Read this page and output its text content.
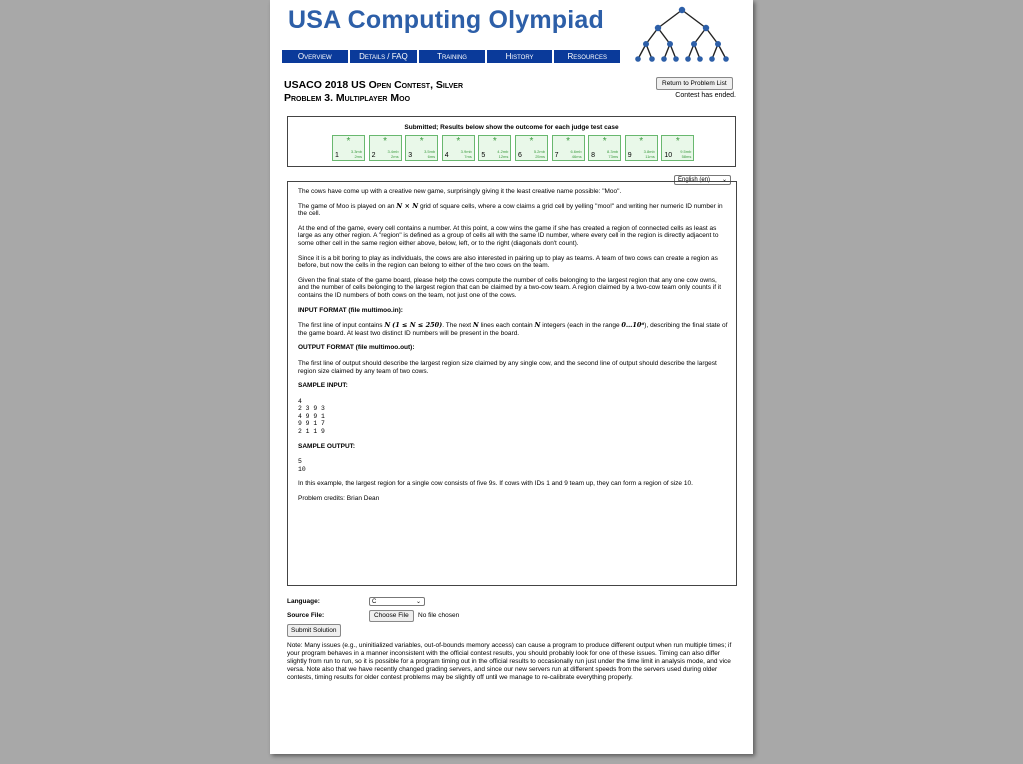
USA Computing Olympiad
Overview	Details / FAQ	Training	History	Resources
USACO 2018 US Open Contest, Silver
Problem 3. Multiplayer Moo
Return to Problem List
Contest has ended.
Submitted; Results below show the outcome for each judge test case
*
1
3.3mb
2ms
*
2
3.4mb
2ms
*
3
3.5mb
6ms
*
4
3.9mb
7ms
*
5
4.2mb
12ms
*
6
5.2mb
25ms
*
7
6.6mb
46ms
*
8
8.3mb
73ms
*
9
3.8mb
11ms
*
10
9.5mb
58ms
English (en) ⌄

The cows have come up with a creative new game, surprisingly giving it the least creative name possible: "Moo".

The game of Moo is played on an N × N grid of square cells, where a cow claims a grid cell by yelling "moo!" and writing her numeric ID number in the cell.

At the end of the game, every cell contains a number. At this point, a cow wins the game if she has created a region of connected cells as least as large as any other region. A "region" is defined as a group of cells all with the same ID number, where every cell in the region is directly adjacent to some other cell in the same region either above, below, left, or to the right (diagonals don't count).

Since it is a bit boring to play as individuals, the cows are also interested in pairing up to play as teams. A team of two cows can create a region as before, but now the cells in the region can belong to either of the two cows on the team.

Given the final state of the game board, please help the cows compute the number of cells belonging to the largest region that any one cow owns, and the number of cells belonging to the largest region that can be claimed by a two-cow team. A region claimed by a two-cow team only counts if it contains the ID numbers of both cows on the team, not just one of the cows.

INPUT FORMAT (file multimoo.in):

The first line of input contains N (1 ≤ N ≤ 250). The next N lines each contain N integers (each in the range 0…10⁶), describing the final state of the game board. At least two distinct ID numbers will be present in the board.

OUTPUT FORMAT (file multimoo.out):

The first line of output should describe the largest region size claimed by any single cow, and the second line of output should describe the largest region size claimed by any team of two cows.

SAMPLE INPUT:

4
2 3 9 3
4 9 9 1
9 9 1 7
2 1 1 9

SAMPLE OUTPUT:

5
10

In this example, the largest region for a single cow consists of five 9s. If cows with IDs 1 and 9 team up, they can form a region of size 10.

Problem credits: Brian Dean

Language:	C	⌄
Source File:	Choose File	No file chosen
Submit Solution
Note: Many issues (e.g., uninitialized variables, out-of-bounds memory access) can cause a program to produce different output when run multiple times; if your program behaves in a manner inconsistent with the official contest results, you should probably look for one of these issues. Timing can also differ slightly from run to run, so it is possible for a program timing out in the official results to occasionally run just under the time limit in analysis mode, and vice versa. Note also that we have recently changed grading servers, and since our new servers run at different speeds from the servers used during older contests, timing results for older contest problems may be slightly off until we manage to re-calibrate everything properly.
